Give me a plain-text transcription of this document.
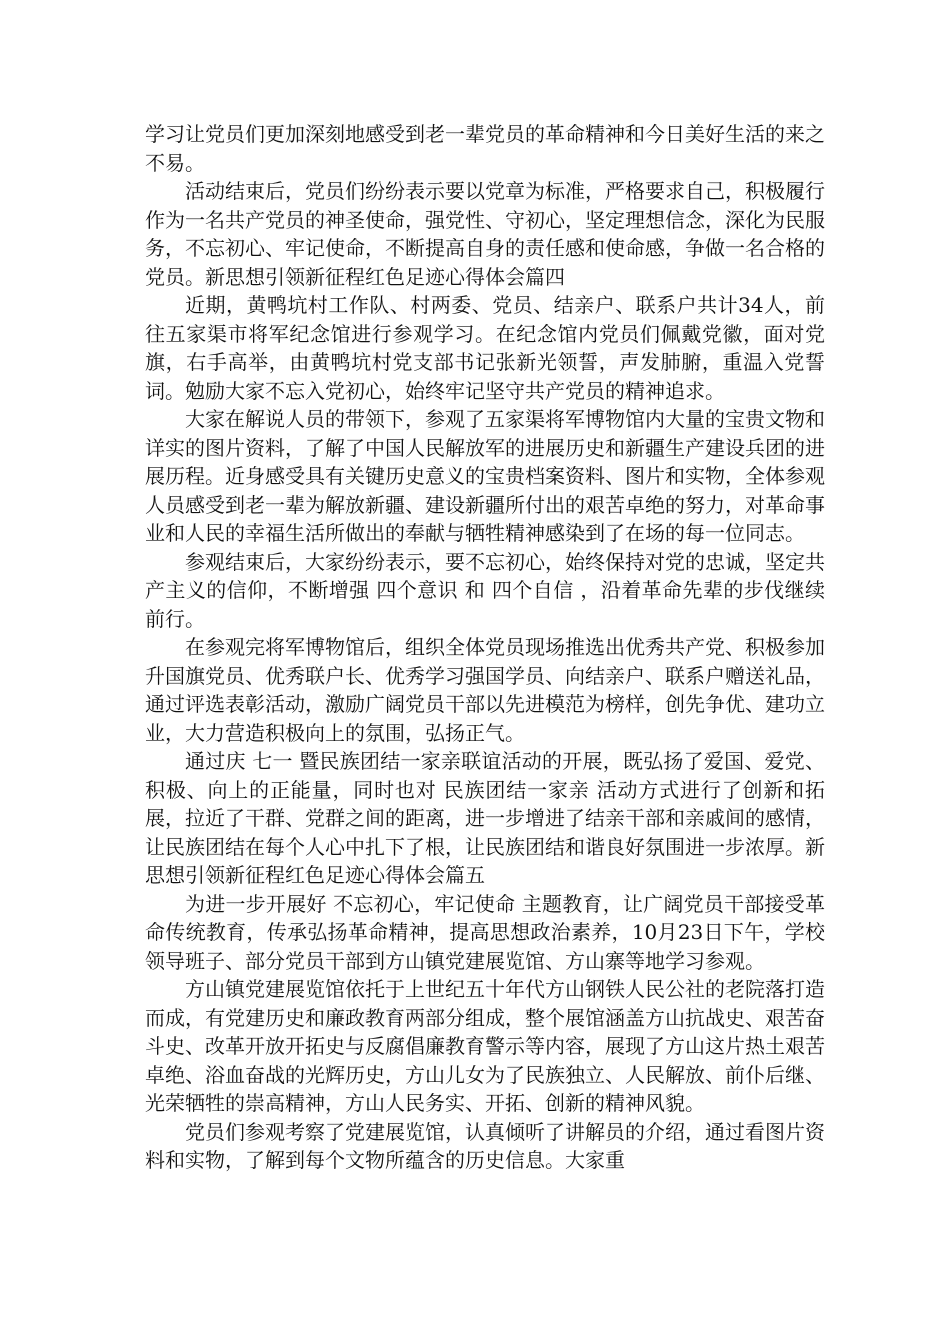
学习让党员们更加深刻地感受到老一辈党员的革命精神和今日美好生活的来之不易。

活动结束后，党员们纷纷表示要以党章为标准，严格要求自己，积极履行作为一名共产党员的神圣使命，强党性、守初心，坚定理想信念，深化为民服务，不忘初心、牢记使命，不断提高自身的责任感和使命感，争做一名合格的党员。新思想引领新征程红色足迹心得体会篇四

近期，黄鸭坑村工作队、村两委、党员、结亲户、联系户共计34人，前往五家渠市将军纪念馆进行参观学习。在纪念馆内党员们佩戴党徽，面对党旗，右手高举，由黄鸭坑村党支部书记张新光领誓，声发肺腑，重温入党誓词。勉励大家不忘入党初心，始终牢记坚守共产党员的精神追求。

大家在解说人员的带领下，参观了五家渠将军博物馆内大量的宝贵文物和详实的图片资料，了解了中国人民解放军的进展历史和新疆生产建设兵团的进展历程。近身感受具有关键历史意义的宝贵档案资料、图片和实物，全体参观人员感受到老一辈为解放新疆、建设新疆所付出的艰苦卓绝的努力，对革命事业和人民的幸福生活所做出的奉献与牺牲精神感染到了在场的每一位同志。

参观结束后，大家纷纷表示，要不忘初心，始终保持对党的忠诚，坚定共产主义的信仰，不断增强 四个意识 和 四个自信 ，沿着革命先辈的步伐继续前行。

在参观完将军博物馆后，组织全体党员现场推选出优秀共产党、积极参加升国旗党员、优秀联户长、优秀学习强国学员、向结亲户、联系户赠送礼品，通过评选表彰活动，激励广阔党员干部以先进模范为榜样，创先争优、建功立业，大力营造积极向上的氛围，弘扬正气。

通过庆 七一 暨民族团结一家亲联谊活动的开展，既弘扬了爱国、爱党、积极、向上的正能量，同时也对 民族团结一家亲 活动方式进行了创新和拓展，拉近了干群、党群之间的距离，进一步增进了结亲干部和亲戚间的感情，让民族团结在每个人心中扎下了根，让民族团结和谐良好氛围进一步浓厚。新思想引领新征程红色足迹心得体会篇五

为进一步开展好 不忘初心，牢记使命 主题教育，让广阔党员干部接受革命传统教育，传承弘扬革命精神，提高思想政治素养，10月23日下午，学校领导班子、部分党员干部到方山镇党建展览馆、方山寨等地学习参观。

方山镇党建展览馆依托于上世纪五十年代方山钢铁人民公社的老院落打造而成，有党建历史和廉政教育两部分组成，整个展馆涵盖方山抗战史、艰苦奋斗史、改革开放开拓史与反腐倡廉教育警示等内容，展现了方山这片热土艰苦卓绝、浴血奋战的光辉历史，方山儿女为了民族独立、人民解放、前仆后继、光荣牺牲的崇高精神，方山人民务实、开拓、创新的精神风貌。

党员们参观考察了党建展览馆，认真倾听了讲解员的介绍，通过看图片资料和实物，了解到每个文物所蕴含的历史信息。大家重
